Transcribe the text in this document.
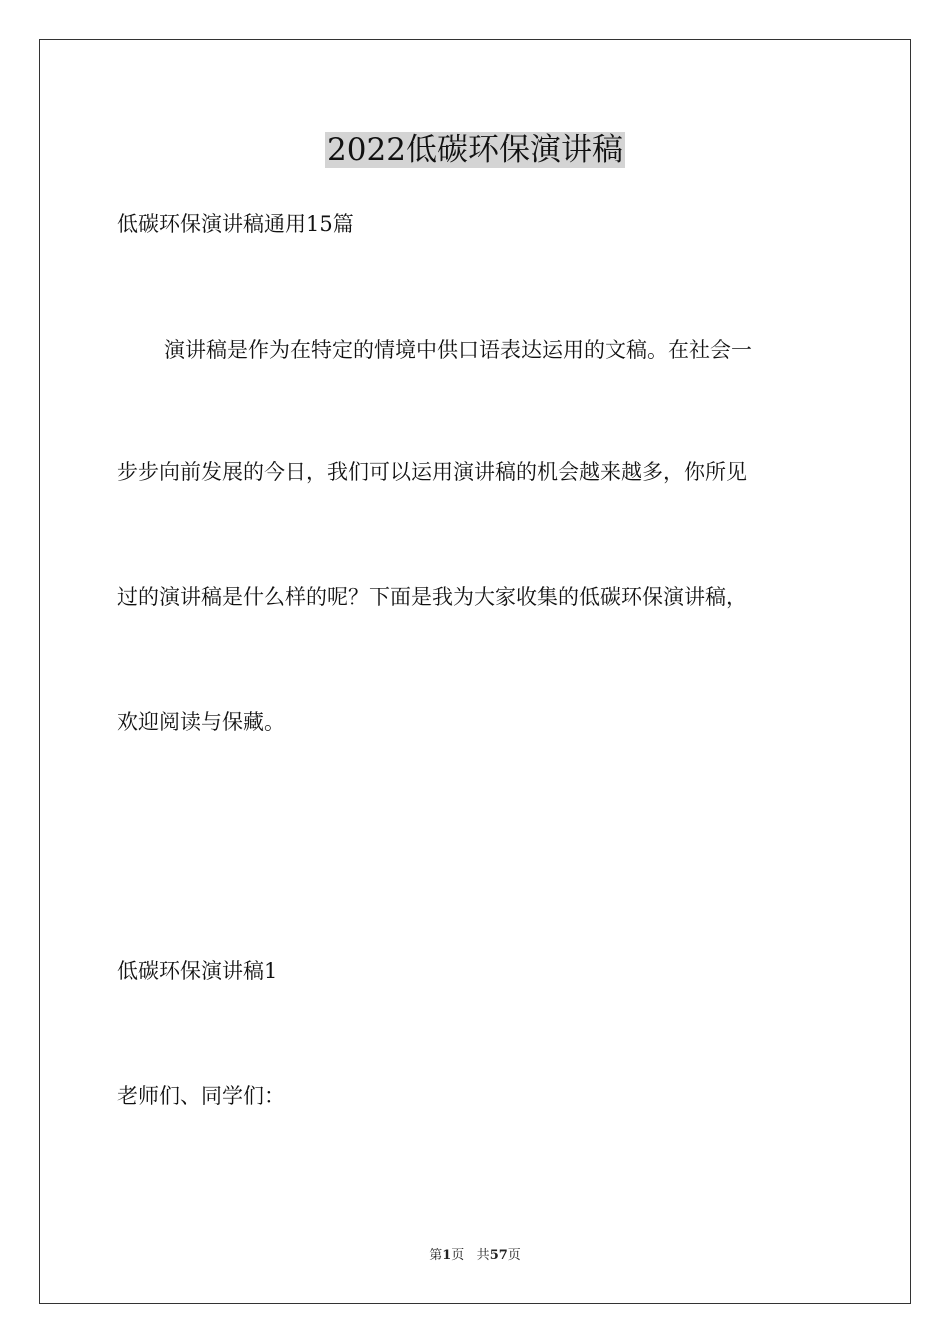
2022低碳环保演讲稿
低碳环保演讲稿通用15篇
演讲稿是作为在特定的情境中供口语表达运用的文稿。在社会一
步步向前发展的今日，我们可以运用演讲稿的机会越来越多，你所见
过的演讲稿是什么样的呢？下面是我为大家收集的低碳环保演讲稿，
欢迎阅读与保藏。
低碳环保演讲稿1
老师们、同学们：
第1页 共57页
